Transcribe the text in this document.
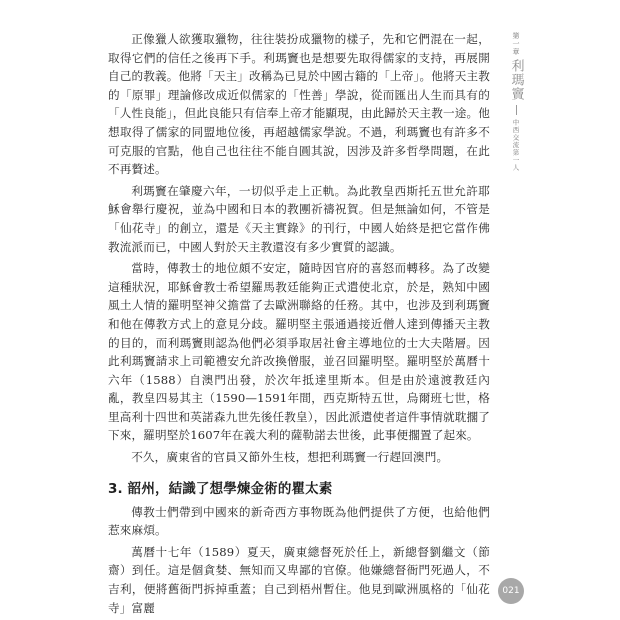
正像獵人欲獲取獵物，往往裝扮成獵物的樣子，先和它們混在一起，取得它們的信任之後再下手。利瑪竇也是想要先取得儒家的支持，再展開自己的教義。他將「天主」改稱為已見於中國古籍的「上帝」。他將天主教的「原罪」理論修改成近似儒家的「性善」學說，從而匯出人生而具有的「人性良能」，但此良能只有信奉上帝才能顯現，由此歸於天主教一途。他想取得了儒家的同盟地位後，再超越儒家學說。不過，利瑪竇也有許多不可克服的官點，他自己也往往不能自圓其說，因涉及許多哲學問題，在此不再贅述。

利瑪竇在肇慶六年，一切似乎走上正軌。為此教皇西斯托五世允許耶穌會舉行慶祝，並為中國和日本的教團祈禱祝賀。但是無論如何，不管是「仙花寺」的創立，還是《天主實錄》的刊行，中國人始終是把它當作佛教流派而已，中國人對於天主教還沒有多少實質的認識。

當時，傳教士的地位頗不安定，隨時因官府的喜怒而轉移。為了改變這種狀況，耶穌會教士希望羅馬教廷能夠正式遣使北京，於是，熟知中國風土人情的羅明堅神父擔當了去歐洲聯絡的任務。其中，也涉及到利瑪竇和他在傳教方式上的意見分歧。羅明堅主張通過接近僧人達到傳播天主教的目的，而利瑪竇則認為他們必須爭取居社會主導地位的士大夫階層。因此利瑪竇請求上司範禮安允許改換僧服，並召回羅明堅。羅明堅於萬曆十六年（1588）自澳門出發，於次年抵達里斯本。但是由於遠渡教廷內亂，教皇四易其主（1590—1591年間，西克斯特五世，烏爾班七世，格里高利十四世和英諾森九世先後任教皇），因此派遣使者這件事情就耽擱了下來，羅明堅於1607年在義大利的薩勒諾去世後，此事便擱置了起來。

不久，廣東省的官員又節外生枝，想把利瑪竇一行趕回澳門。

3. 韶州，結識了想學煉金術的瞿太素

傳教士們帶到中國來的新奇西方事物既為他們提供了方便，也給他們惹來麻煩。

萬曆十七年（1589）夏天，廣東總督死於任上，新總督劉繼文（節齋）到任。這是個貪婪、無知而又卑鄙的官僚。他嫌總督衙門死過人，不吉利，便將舊衙門拆掉重蓋；自己到梧州暫住。他見到歐洲風格的「仙花寺」富麗

第一章
利瑪竇
中西交流第一人
021
